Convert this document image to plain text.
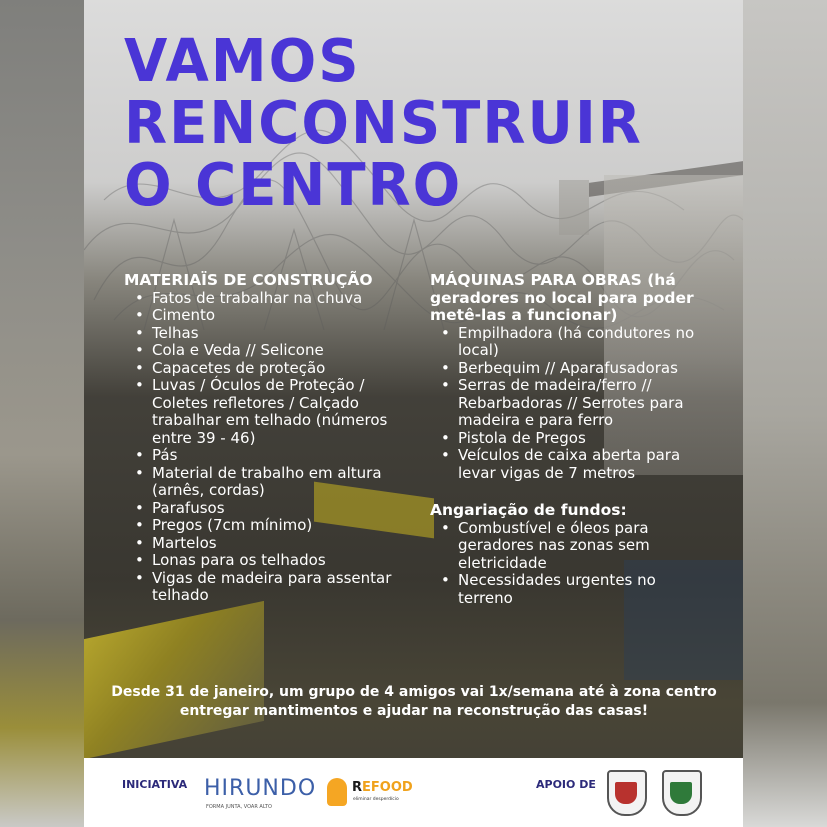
VAMOS
RENCONSTRUIR
O CENTRO
MATERIAÏS DE CONSTRUÇÃO
• Fatos de trabalhar na chuva
• Cimento
• Telhas
• Cola e Veda // Selicone
• Capacetes de proteção
• Luvas / Óculos de Proteção / Coletes refletores / Calçado trabalhar em telhado (números entre 39 - 46)
• Pás
• Material de trabalho em altura (arnês, cordas)
• Parafusos
• Pregos (7cm mínimo)
• Martelos
• Lonas para os telhados
• Vigas de madeira para assentar telhado
MÁQUINAS PARA OBRAS (há geradores no local para poder metê-las a funcionar)
• Empilhadora (há condutores no local)
• Berbequim // Aparafusadoras
• Serras de madeira/ferro // Rebarbadoras // Serrotes para madeira e para ferro
• Pistola de Pregos
• Veículos de caixa aberta para levar vigas de 7 metros
Angariação de fundos:
• Combustível e óleos para geradores nas zonas sem eletricidade
• Necessidades urgentes no terreno
Desde 31 de janeiro, um grupo de 4 amigos vai 1x/semana até à zona centro entregar mantimentos e ajudar na reconstrução das casas!
INICIATIVA HIRUNDO
FORMA JUNTA, VOAR ALTO
REFOOD
eliminar desperdício
APOIO DE
